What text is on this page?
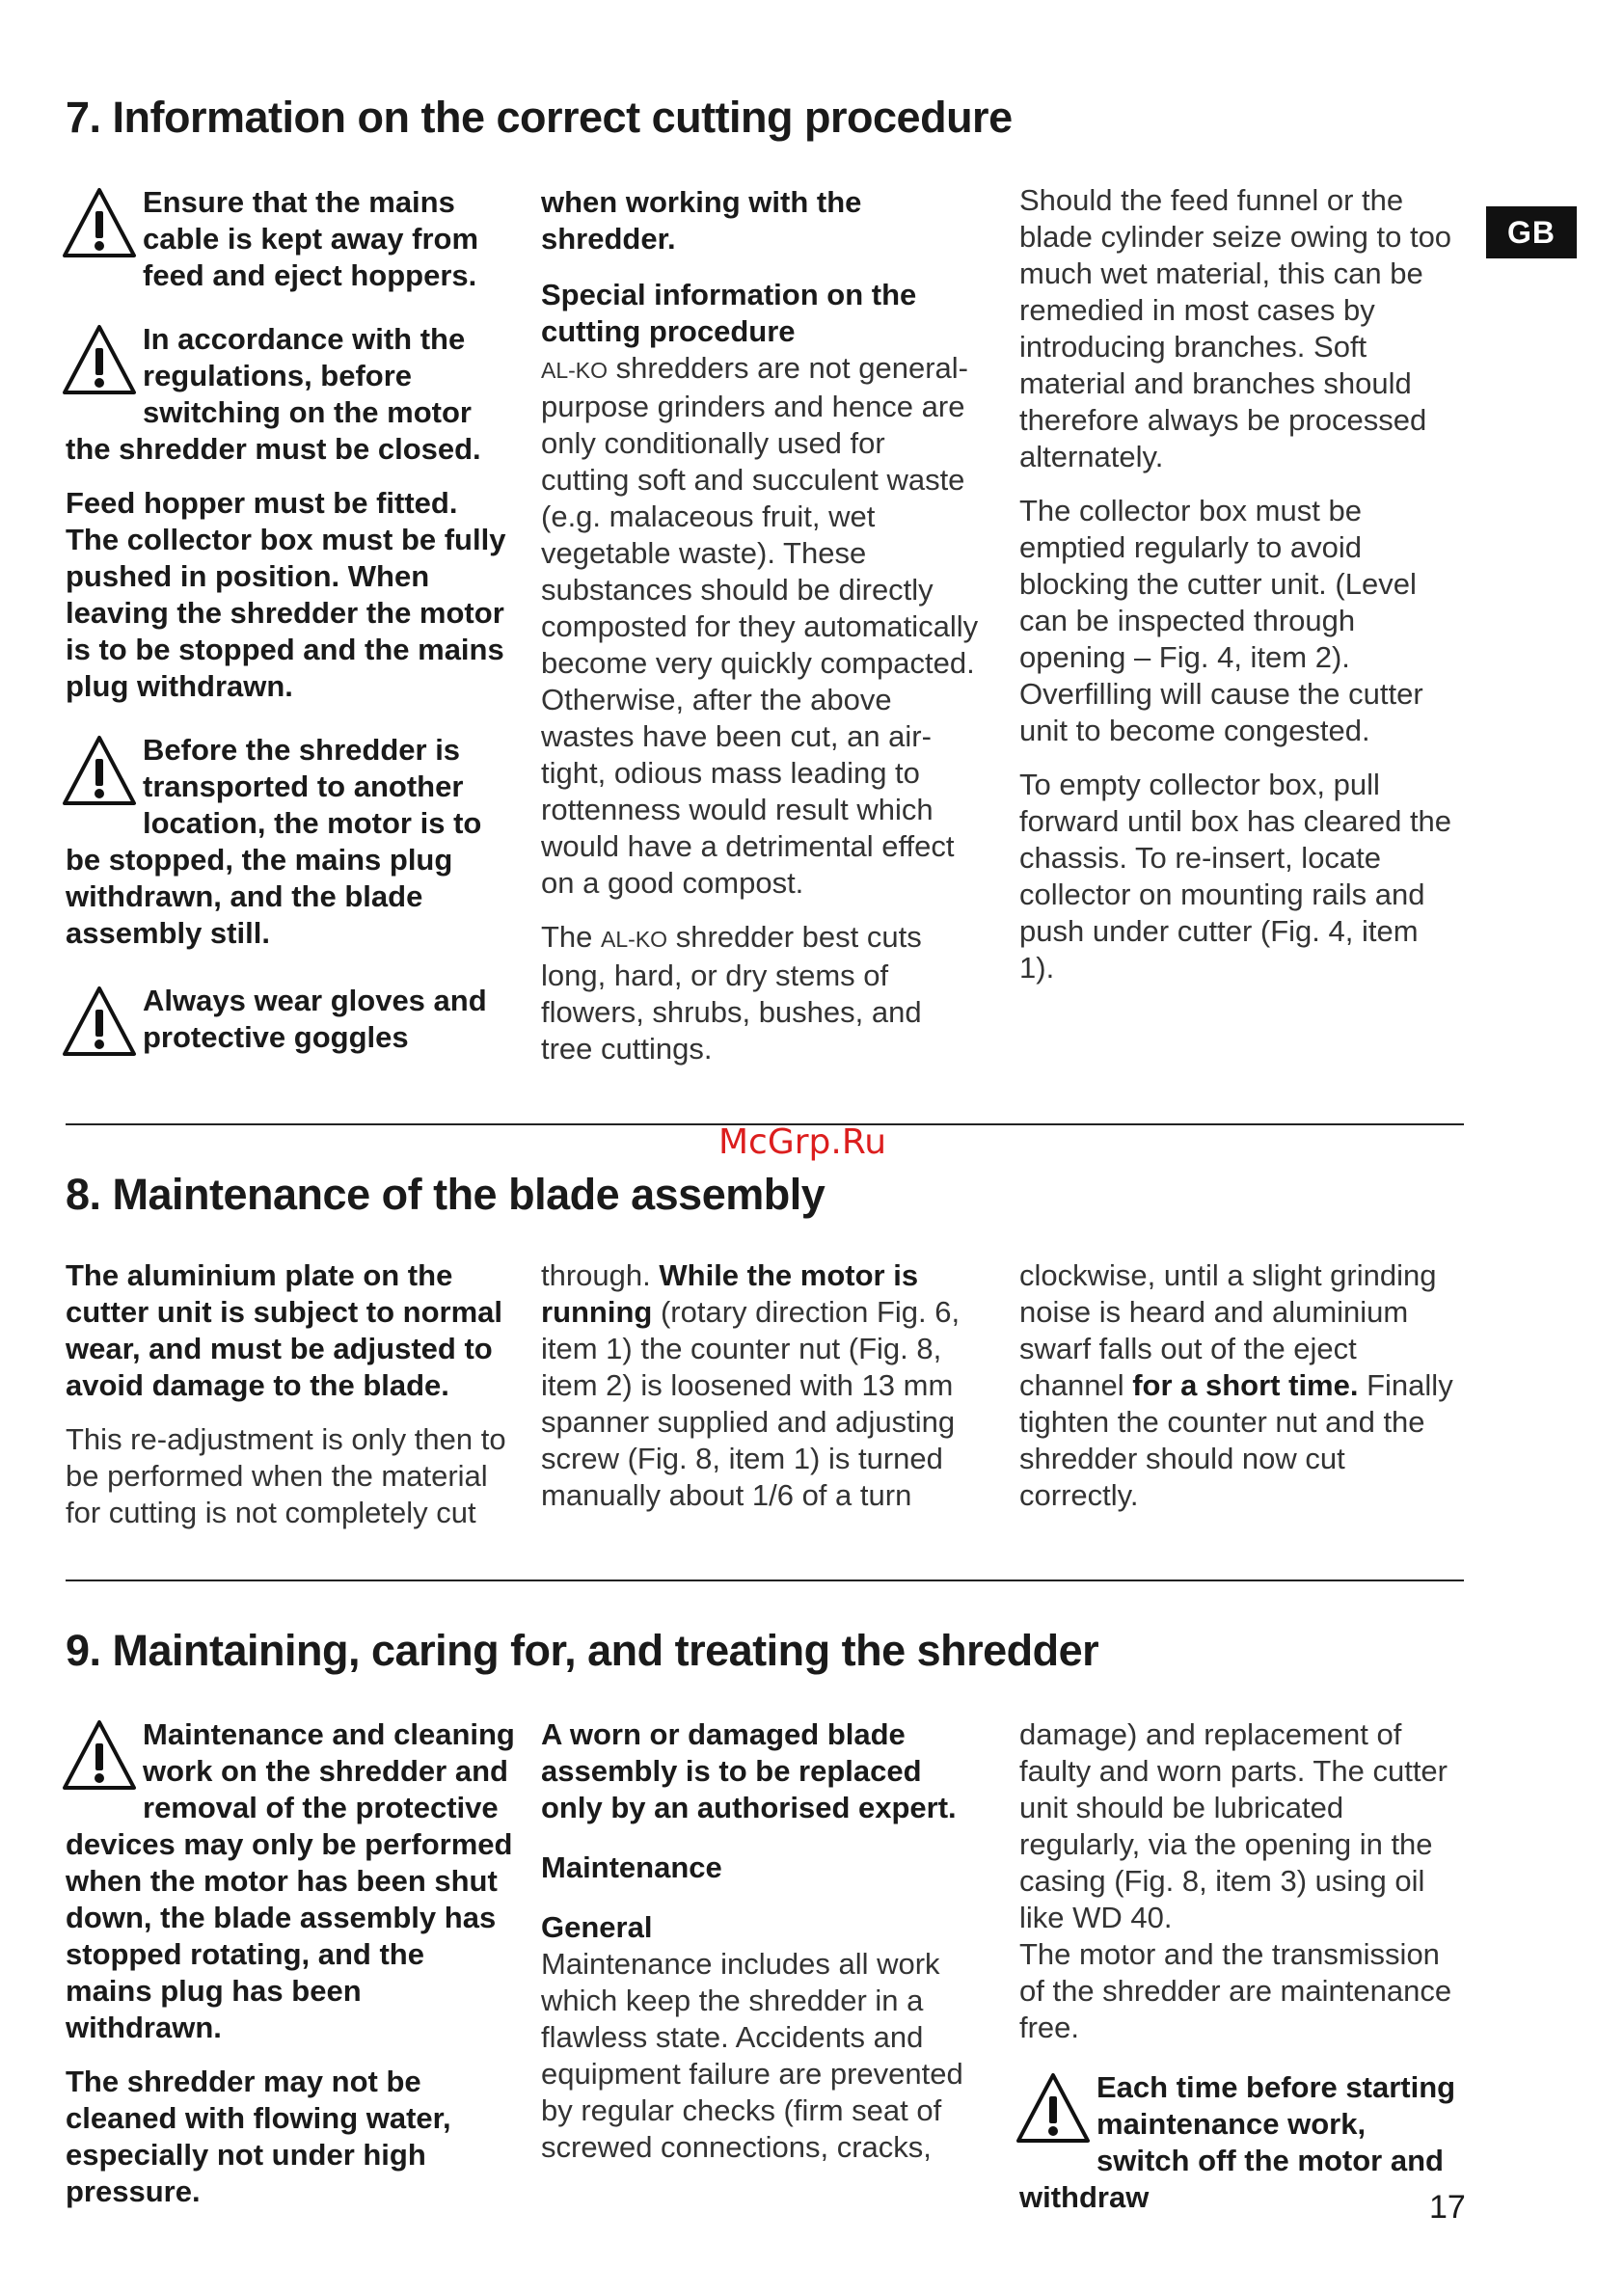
GB
7. Information on the correct cutting procedure

Ensure that the mains cable is kept away from feed and eject hoppers.

In accordance with the regulations, before switching on the motor the shredder must be closed.

Feed hopper must be fitted. The collector box must be fully pushed in position. When leaving the shredder the motor is to be stopped and the mains plug withdrawn.

Before the shredder is transported to another location, the motor is to be stopped, the mains plug withdrawn, and the blade assembly still.

Always wear gloves and protective goggles

when working with the shredder.

Special information on the cutting procedure
AL-KO shredders are not general-purpose grinders and hence are only conditionally used for cutting soft and succulent waste (e.g. malaceous fruit, wet vegetable waste). These substances should be directly composted for they automatically become very quickly compacted. Otherwise, after the above wastes have been cut, an air-tight, odious mass leading to rottenness would result which would have a detrimental effect on a good compost.

The AL-KO shredder best cuts long, hard, or dry stems of flowers, shrubs, bushes, and tree cuttings.

Should the feed funnel or the blade cylinder seize owing to too much wet material, this can be remedied in most cases by introducing branches. Soft material and branches should therefore always be processed alternately.

The collector box must be emptied regularly to avoid blocking the cutter unit. (Level can be inspected through opening – Fig. 4, item 2). Overfilling will cause the cutter unit to become congested.

To empty collector box, pull forward until box has cleared the chassis. To re-insert, locate collector on mounting rails and push under cutter (Fig. 4, item 1).

McGrp.Ru
8. Maintenance of the blade assembly

The aluminium plate on the cutter unit is subject to normal wear, and must be adjusted to avoid damage to the blade.

This re-adjustment is only then to be performed when the material for cutting is not completely cut

through. While the motor is running (rotary direction Fig. 6, item 1) the counter nut (Fig. 8, item 2) is loosened with 13 mm spanner supplied and adjusting screw (Fig. 8, item 1) is turned manually about 1/6 of a turn

clockwise, until a slight grinding noise is heard and aluminium swarf falls out of the eject channel for a short time. Finally tighten the counter nut and the shredder should now cut correctly.

9. Maintaining, caring for, and treating the shredder

Maintenance and cleaning work on the shredder and removal of the protective devices may only be performed when the motor has been shut down, the blade assembly has stopped rotating, and the mains plug has been withdrawn.

The shredder may not be cleaned with flowing water, especially not under high pressure.

A worn or damaged blade assembly is to be replaced only by an authorised expert.

Maintenance

General
Maintenance includes all work which keep the shredder in a flawless state. Accidents and equipment failure are prevented by regular checks (firm seat of screwed connections, cracks,

damage) and replacement of faulty and worn parts. The cutter unit should be lubricated regularly, via the opening in the casing (Fig. 8, item 3) using oil like WD 40.

The motor and the transmission of the shredder are maintenance free.

Each time before starting maintenance work, switch off the motor and withdraw	17
